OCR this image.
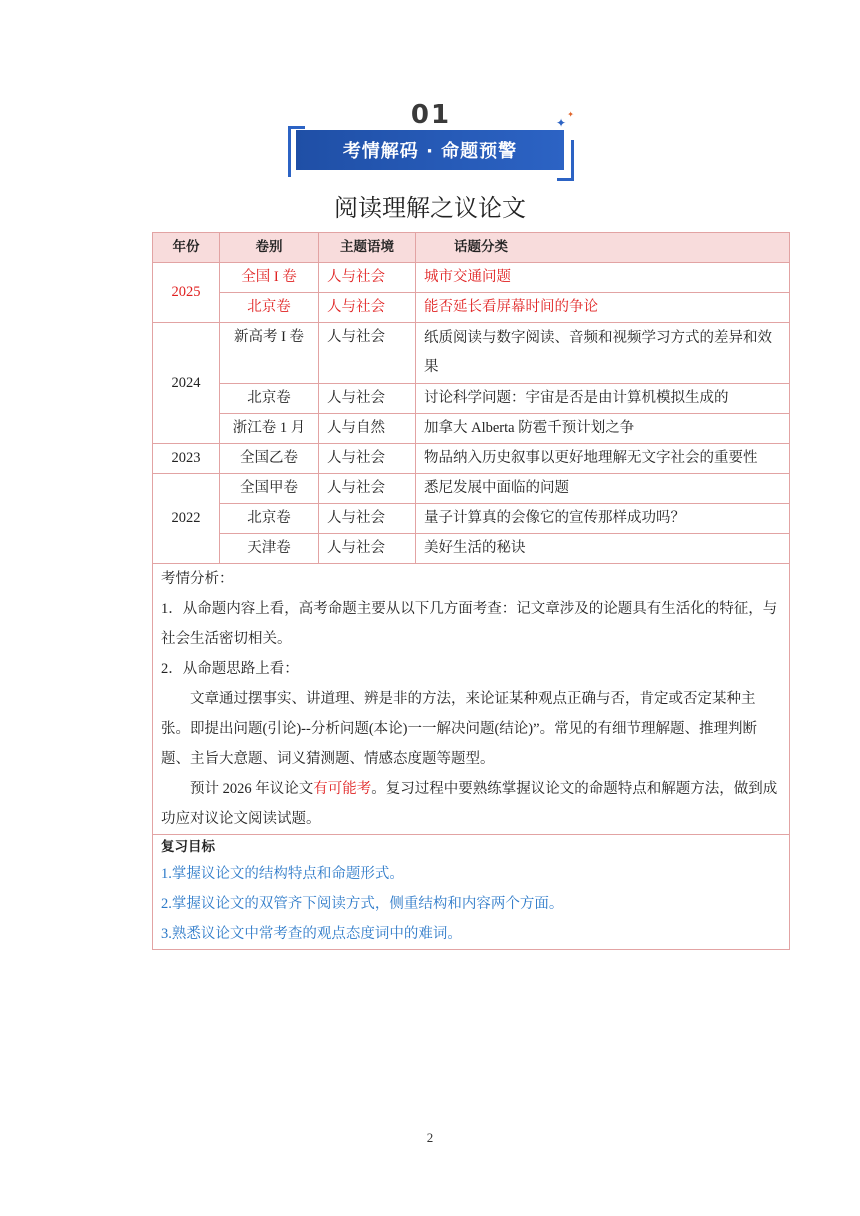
01
考情解码 · 命题预警
✦
✦
阅读理解之议论文
年份	卷别	主题语境	话题分类
2025	全国 I 卷	人与社会	城市交通问题
	北京卷	人与社会	能否延长看屏幕时间的争论
2024	新高考 I 卷	人与社会	纸质阅读与数字阅读、音频和视频学习方式的差异和效果
	北京卷	人与社会	讨论科学问题：宇宙是否是由计算机模拟生成的
	浙江卷 1 月	人与自然	加拿大 Alberta 防雹千预计划之争
2023	全国乙卷	人与社会	物品纳入历史叙事以更好地理解无文字社会的重要性
2022	全国甲卷	人与社会	悉尼发展中面临的问题
	北京卷	人与社会	量子计算真的会像它的宣传那样成功吗？
	天津卷	人与社会	美好生活的秘诀

考情分析：

1．从命题内容上看，高考命题主要从以下几方面考查：记文章涉及的论题具有生活化的特征，与社会生活密切相关。

2．从命题思路上看：

文章通过摆事实、讲道理、辨是非的方法，来论证某种观点正确与否，肯定或否定某种主张。即提出问题(引论)--分析问题(本论)一一解决问题(结论)”。常见的有细节理解题、推理判断题、主旨大意题、词义猜测题、情感态度题等题型。

预计 2026 年议论文有可能考。复习过程中要熟练掌握议论文的命题特点和解题方法，做到成功应对议论文阅读试题。			

复习目标

1.掌握议论文的结构特点和命题形式。

2.掌握议论文的双管齐下阅读方式，侧重结构和内容两个方面。

3.熟悉议论文中常考查的观点态度词中的难词。			

2
